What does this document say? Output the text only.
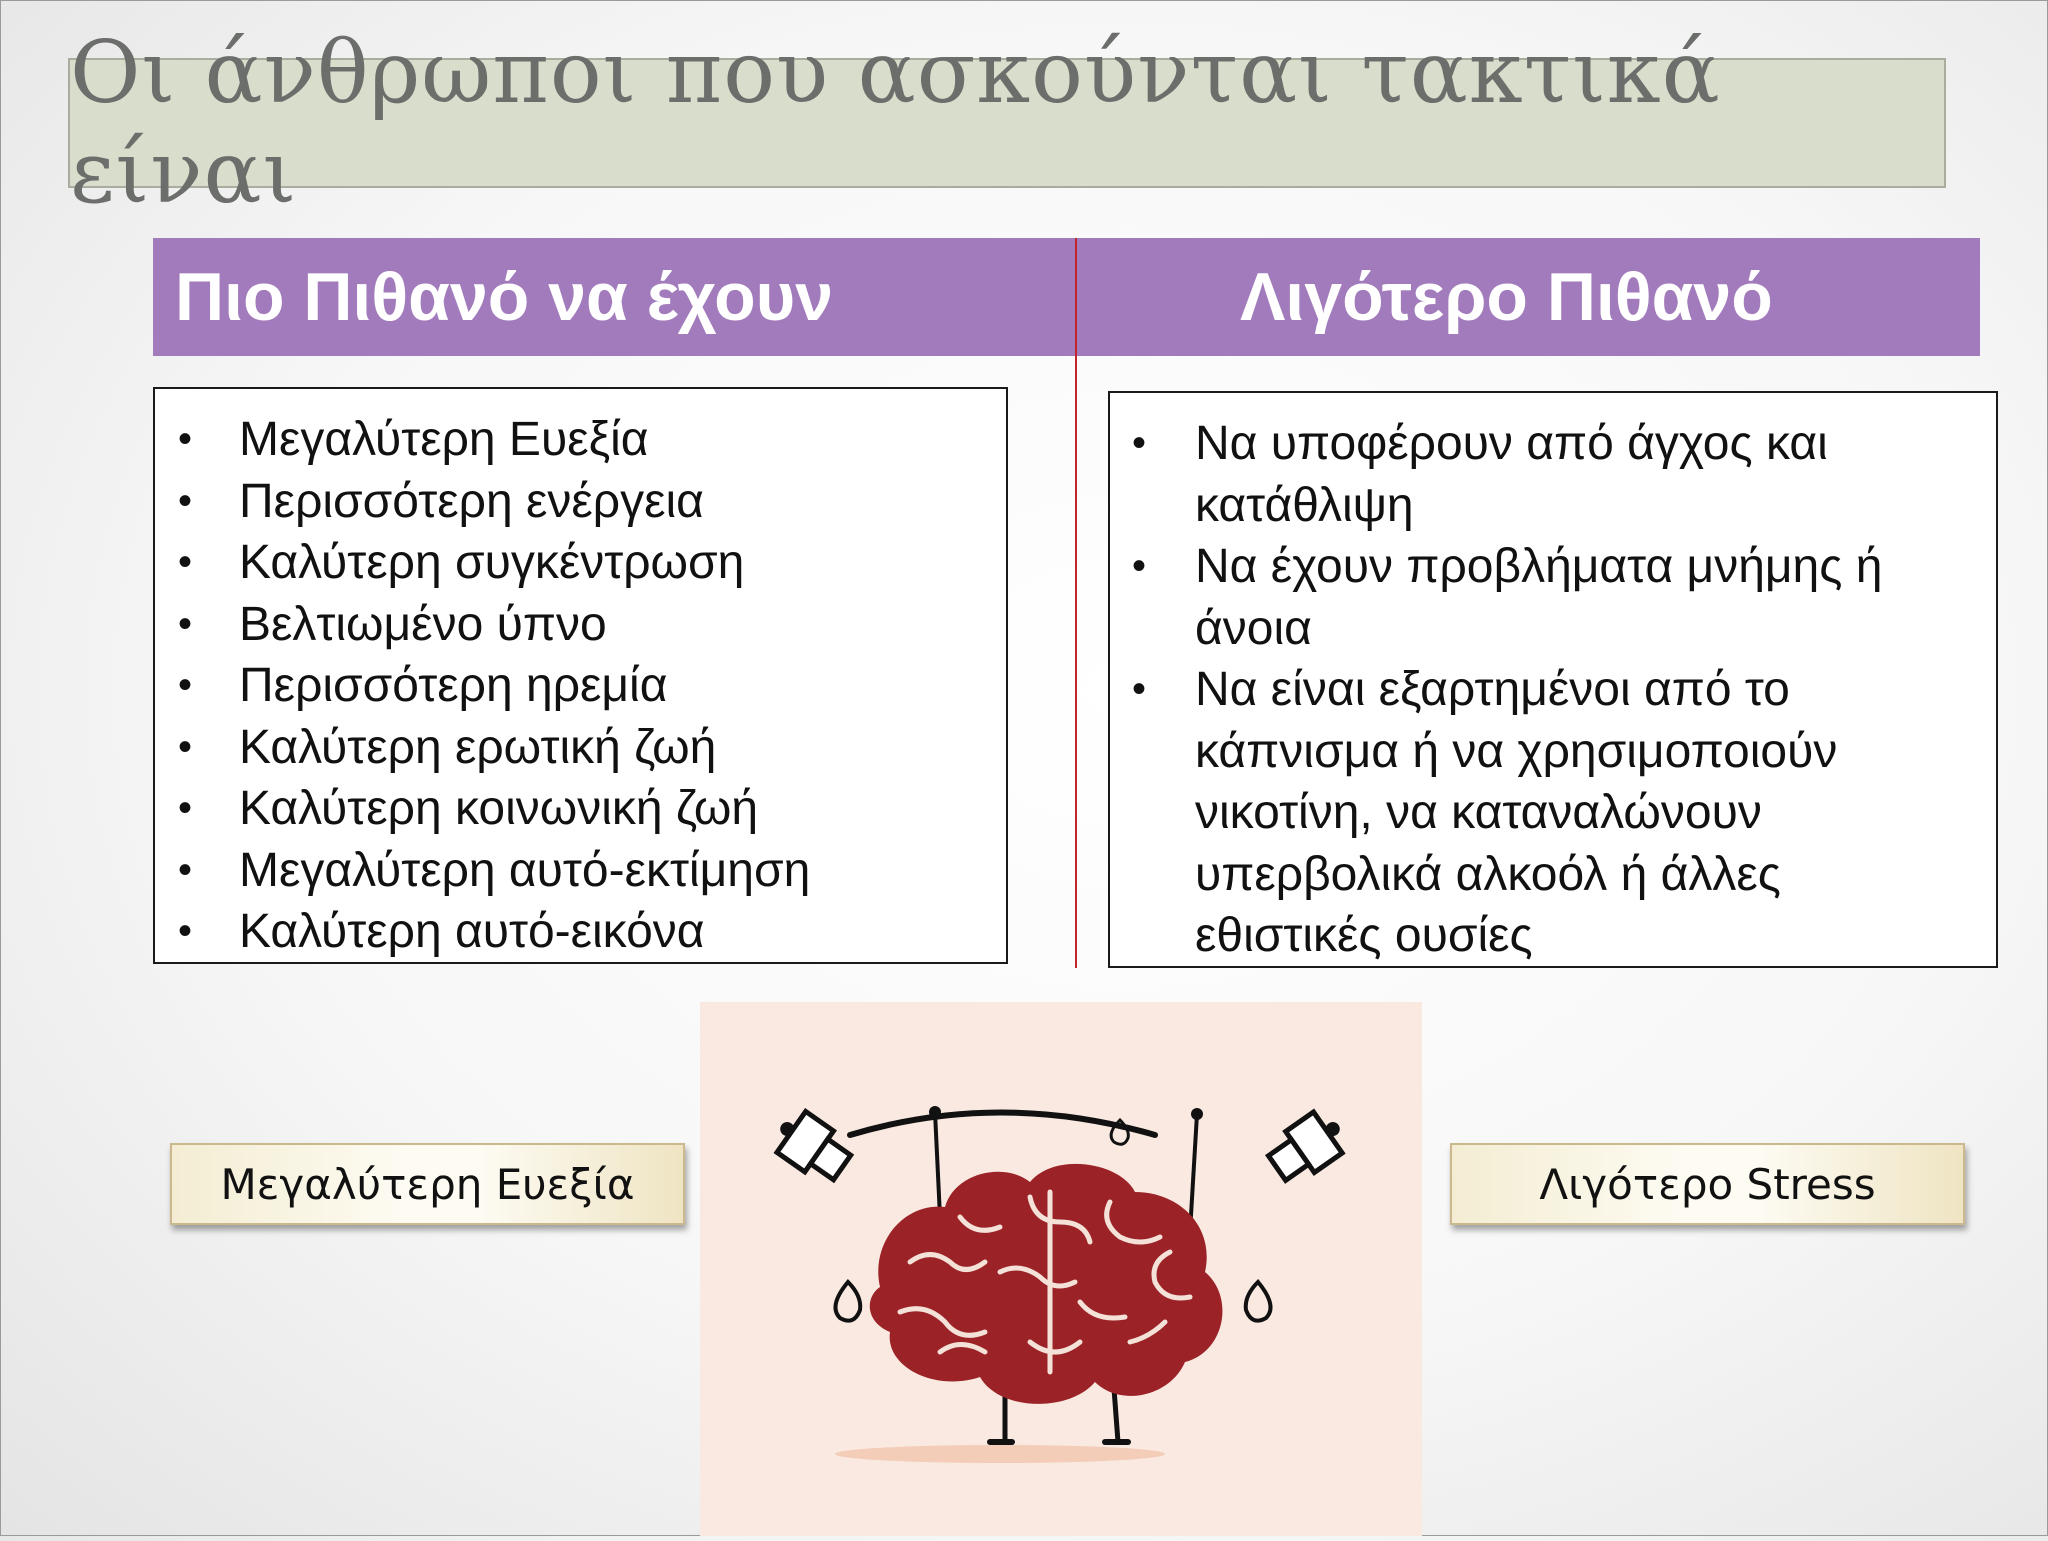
Οι άνθρωποι που ασκούνται τακτικά είναι
Πιο Πιθανό να έχουν	Λιγότερο Πιθανό
• Μεγαλύτερη Ευεξία
• Περισσότερη ενέργεια
• Καλύτερη συγκέντρωση
• Βελτιωμένο ύπνο
• Περισσότερη ηρεμία
• Καλύτερη ερωτική ζωή
• Καλύτερη κοινωνική ζωή
• Μεγαλύτερη αυτό-εκτίμηση
• Καλύτερη αυτό-εικόνα
• Να υποφέρουν από άγχος και κατάθλιψη
• Να έχουν προβλήματα μνήμης ή άνοια
• Να είναι εξαρτημένοι από το κάπνισμα ή να χρησιμοποιούν νικοτίνη, να καταναλώνουν υπερβολικά αλκοόλ ή άλλες εθιστικές ουσίες
Μεγαλύτερη Ευεξία	Λιγότερο Stress
